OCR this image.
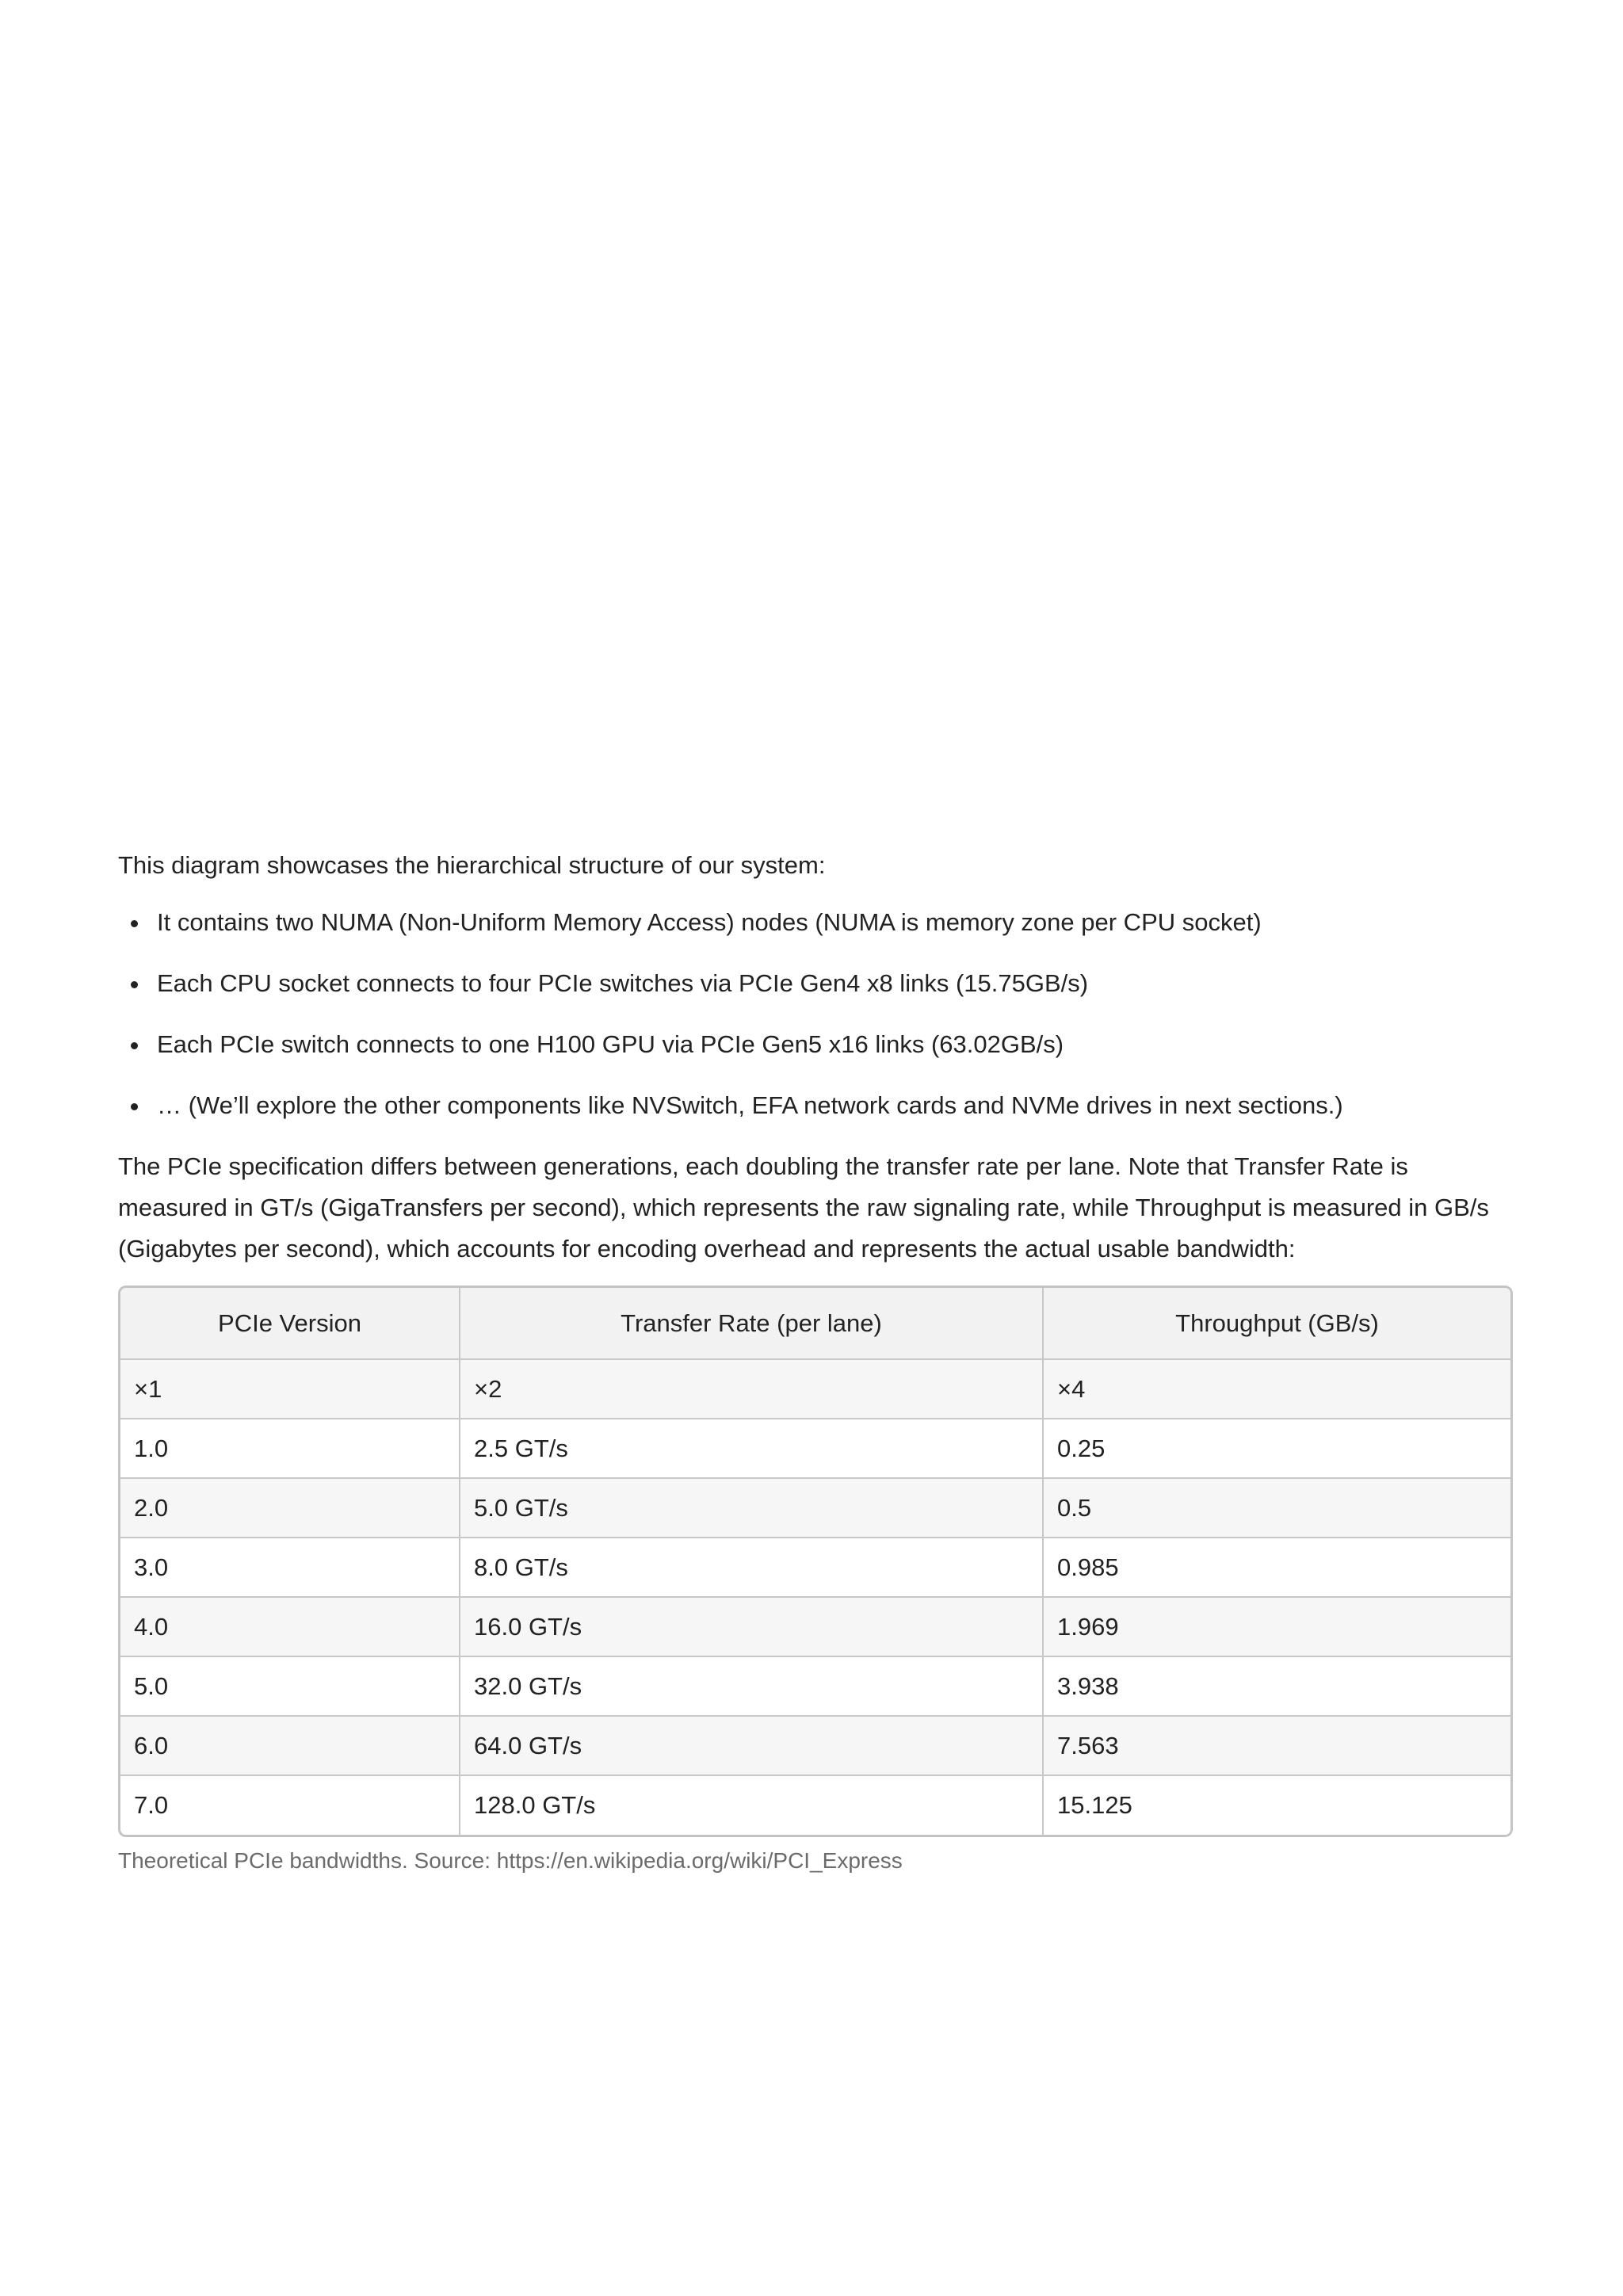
This diagram showcases the hierarchical structure of our system:

It contains two NUMA (Non-Uniform Memory Access) nodes (NUMA is memory zone per CPU socket)
Each CPU socket connects to four PCIe switches via PCIe Gen4 x8 links (15.75GB/s)
Each PCIe switch connects to one H100 GPU via PCIe Gen5 x16 links (63.02GB/s)
… (We’ll explore the other components like NVSwitch, EFA network cards and NVMe drives in next sections.)

The PCIe specification differs between generations, each doubling the transfer rate per lane. Note that Transfer Rate is measured in GT/s (GigaTransfers per second), which represents the raw signaling rate, while Throughput is measured in GB/s (Gigabytes per second), which accounts for encoding overhead and represents the actual usable bandwidth:

PCIe Version	Transfer Rate (per lane)	Throughput (GB/s)
×1	×2	×4
1.0	2.5 GT/s	0.25
2.0	5.0 GT/s	0.5
3.0	8.0 GT/s	0.985
4.0	16.0 GT/s	1.969
5.0	32.0 GT/s	3.938
6.0	64.0 GT/s	7.563
7.0	128.0 GT/s	15.125
Theoretical PCIe bandwidths. Source: https://en.wikipedia.org/wiki/PCI_Express
